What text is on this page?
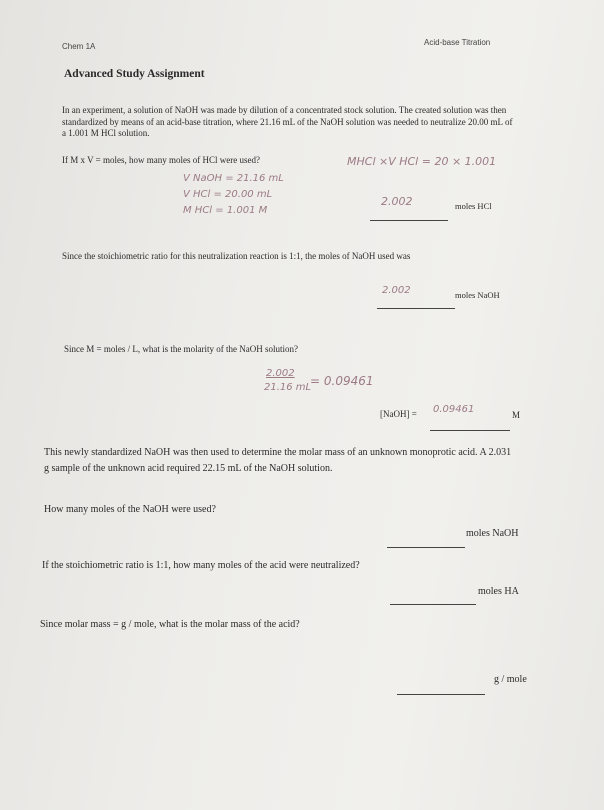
Chem 1A	Acid-base Titration
Advanced Study Assignment
In an experiment, a solution of NaOH was made by dilution of a concentrated stock solution. The created solution was then standardized by means of an acid-base titration, where 21.16 mL of the NaOH solution was needed to neutralize 20.00 mL of a 1.001 M HCl solution.
If M x V = moles, how many moles of HCl were used?	MHCl ×V HCl = 20 × 1.001
V NaOH = 21.16 mL
V HCl = 20.00 mL
M HCl = 1.001 M
2.002	moles HCl
Since the stoichiometric ratio for this neutralization reaction is 1:1, the moles of NaOH used was
2.002	moles NaOH
Since M = moles / L, what is the molarity of the NaOH solution?
2.002
21.16 mL
= 0.09461
[NaOH] = 0.09461	M
This newly standardized NaOH was then used to determine the molar mass of an unknown monoprotic acid. A 2.031 g sample of the unknown acid required 22.15 mL of the NaOH solution.
How many moles of the NaOH were used?
moles NaOH
If the stoichiometric ratio is 1:1, how many moles of the acid were neutralized?
moles HA
Since molar mass = g / mole, what is the molar mass of the acid?
g / mole
